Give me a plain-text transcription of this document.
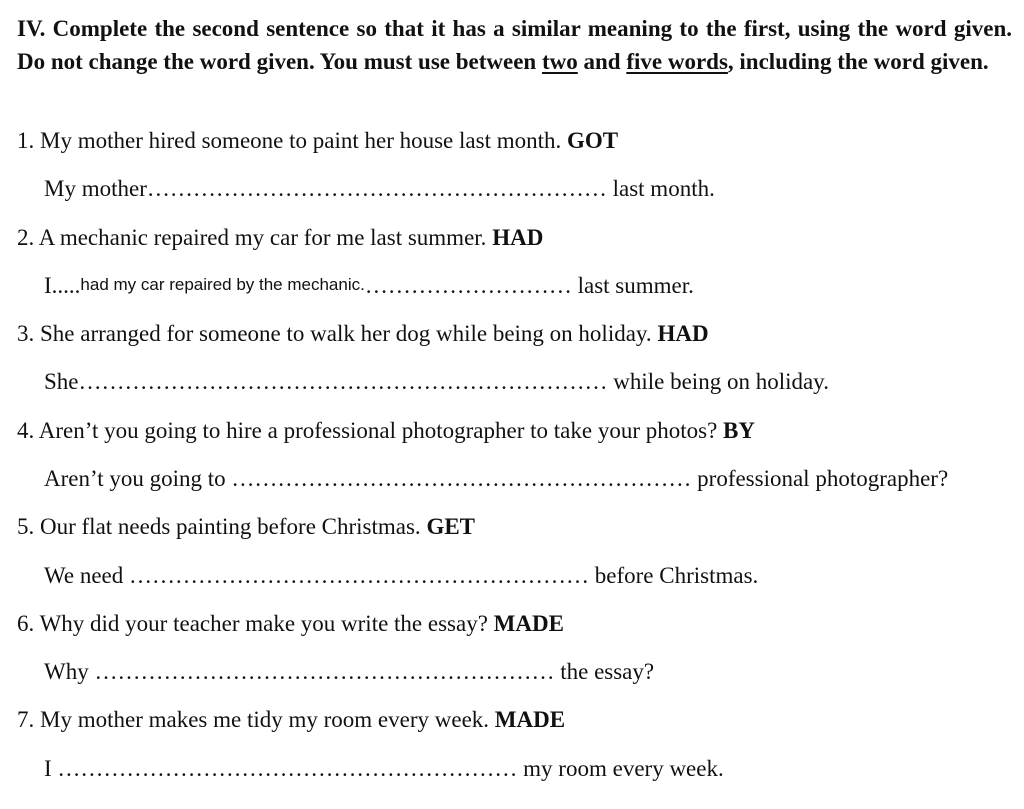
IV. Complete the second sentence so that it has a similar meaning to the first, using the word given. Do not change the word given. You must use between two and five words, including the word given.
1. My mother hired someone to paint her house last month. GOT
My mother…………………………………………………… last month.
2. A mechanic repaired my car for me last summer. HAD
I.....had my car repaired by the mechanic.……………………… last summer.
3. She arranged for someone to walk her dog while being on holiday. HAD
She…………………………………………………………… while being on holiday.
4. Aren’t you going to hire a professional photographer to take your photos? BY
Aren’t you going to …………………………………………………… professional photographer?
5. Our flat needs painting before Christmas. GET
We need …………………………………………………… before Christmas.
6. Why did your teacher make you write the essay? MADE
Why …………………………………………………… the essay?
7. My mother makes me tidy my room every week. MADE
I …………………………………………………… my room every week.
